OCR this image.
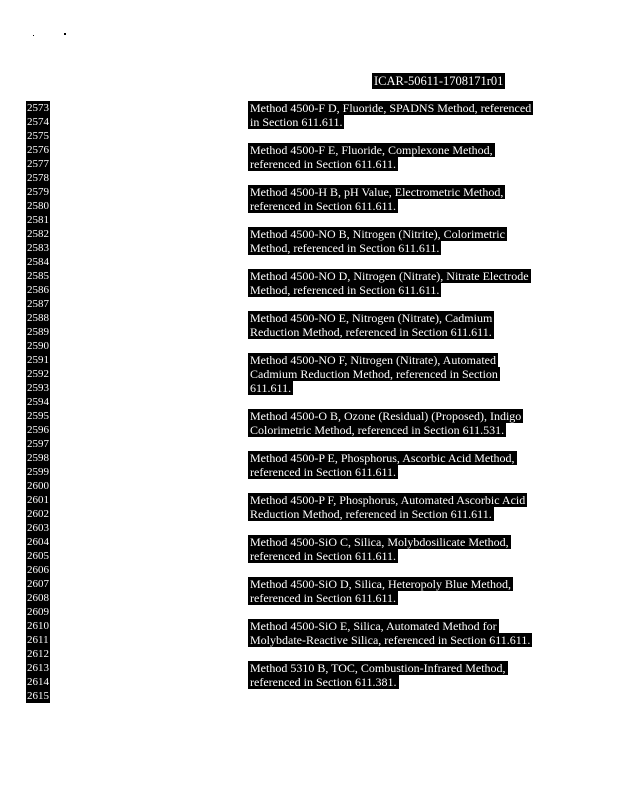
ICAR-50611-1708171r01
2573
2574
2575
2576
2577
2578
2579
2580
2581
2582
2583
2584
2585
2586
2587
2588
2589
2590
2591
2592
2593
2594
2595
2596
2597
2598
2599
2600
2601
2602
2603
2604
2605
2606
2607
2608
2609
2610
2611
2612
2613
2614
2615
Method 4500-F D, Fluoride, SPADNS Method, referenced
in Section 611.611.
Method 4500-F E, Fluoride, Complexone Method,
referenced in Section 611.611.
Method 4500-H B, pH Value, Electrometric Method,
referenced in Section 611.611.
Method 4500-NO B, Nitrogen (Nitrite), Colorimetric
Method, referenced in Section 611.611.
Method 4500-NO D, Nitrogen (Nitrate), Nitrate Electrode
Method, referenced in Section 611.611.
Method 4500-NO E, Nitrogen (Nitrate), Cadmium
Reduction Method, referenced in Section 611.611.
Method 4500-NO F, Nitrogen (Nitrate), Automated
Cadmium Reduction Method, referenced in Section
611.611.
Method 4500-O B, Ozone (Residual) (Proposed), Indigo
Colorimetric Method, referenced in Section 611.531.
Method 4500-P E, Phosphorus, Ascorbic Acid Method,
referenced in Section 611.611.
Method 4500-P F, Phosphorus, Automated Ascorbic Acid
Reduction Method, referenced in Section 611.611.
Method 4500-SiO C, Silica, Molybdosilicate Method,
referenced in Section 611.611.
Method 4500-SiO D, Silica, Heteropoly Blue Method,
referenced in Section 611.611.
Method 4500-SiO E, Silica, Automated Method for
Molybdate-Reactive Silica, referenced in Section 611.611.
Method 5310 B, TOC, Combustion-Infrared Method,
referenced in Section 611.381.
